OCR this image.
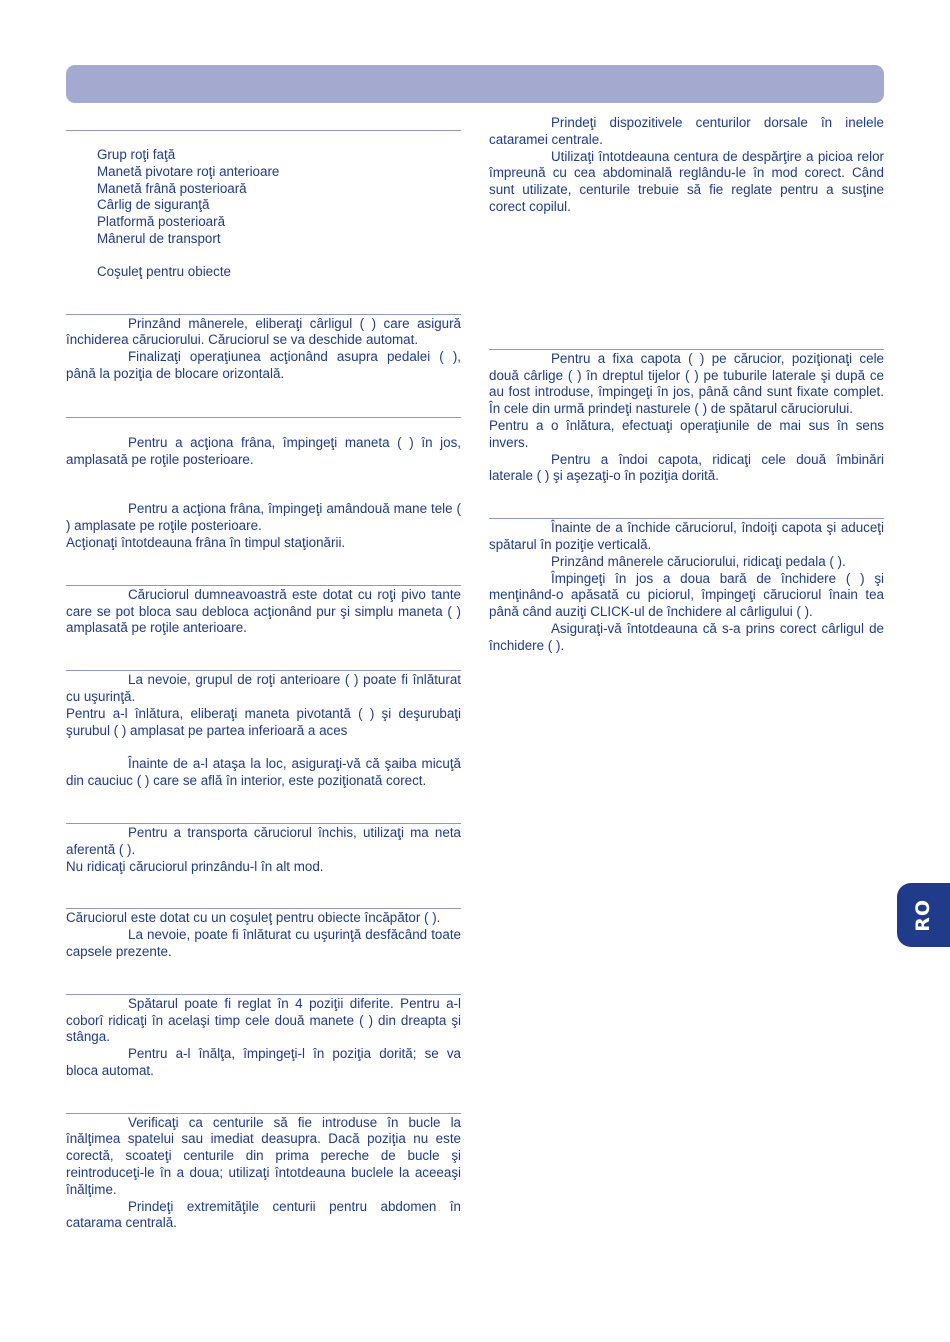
Grup roţi faţă
Manetă pivotare roţi anterioare
Manetă frână posterioară
Cârlig de siguranţă
Platformă posterioară
Mânerul de transport
Coşuleţ pentru obiecte

Prinzând mânerele, eliberaţi cârligul ( ) care asigură închiderea căruciorului. Căruciorul se va deschide automat.

Finalizaţi operaţiunea acţionând asupra pedalei ( ), până la poziţia de blocare orizontală.

Pentru a acţiona frâna, împingeţi maneta ( ) în jos, amplasată pe roţile posterioare.

Pentru a acţiona frâna, împingeţi amândouă mane tele ( ) amplasate pe roţile posterioare.

Acţionaţi întotdeauna frâna în timpul staţionării.

Căruciorul dumneavoastră este dotat cu roţi pivo tante care se pot bloca sau debloca acţionând pur şi simplu maneta ( ) amplasată pe roţile anterioare.

La nevoie, grupul de roţi anterioare ( ) poate fi înlăturat cu uşurinţă.

Pentru a-l înlătura, eliberaţi maneta pivotantă ( ) şi deşurubaţi şurubul ( ) amplasat pe partea inferioară a aces

Înainte de a-l ataşa la loc, asiguraţi-vă că şaiba micuţă din cauciuc ( ) care se află în interior, este poziţionată corect.

Pentru a transporta căruciorul închis, utilizaţi ma neta aferentă ( ).

Nu ridicaţi căruciorul prinzându-l în alt mod.

Căruciorul este dotat cu un coşuleţ pentru obiecte încăpător ( ).

La nevoie, poate fi înlăturat cu uşurinţă desfăcând toate capsele prezente.

Spătarul poate fi reglat în 4 poziţii diferite. Pentru a-l coborî ridicaţi în acelaşi timp cele două manete ( ) din dreapta şi stânga.

Pentru a-l înălţa, împingeţi-l în poziţia dorită; se va bloca automat.

Verificaţi ca centurile să fie introduse în bucle la înălţimea spatelui sau imediat deasupra. Dacă poziţia nu este corectă, scoateţi centurile din prima pereche de bucle şi reintroduceţi-le în a doua; utilizaţi întotdeauna buclele la aceeaşi înălţime.

Prindeţi extremităţile centurii pentru abdomen în catarama centrală.

Prindeţi dispozitivele centurilor dorsale în inelele cataramei centrale.

Utilizaţi întotdeauna centura de despărţire a picioa relor împreună cu cea abdominală reglându-le în mod corect. Când sunt utilizate, centurile trebuie să fie reglate pentru a susţine corect copilul.

Pentru a fixa capota ( ) pe cărucior, poziţionaţi cele două cârlige ( ) în dreptul tijelor ( ) pe tuburile laterale şi după ce au fost introduse, împingeţi în jos, până când sunt fixate complet. În cele din urmă prindeţi nasturele ( ) de spătarul căruciorului.

Pentru a o înlătura, efectuaţi operaţiunile de mai sus în sens invers.

Pentru a îndoi capota, ridicaţi cele două îmbinări laterale ( ) şi aşezaţi-o în poziţia dorită.

Înainte de a închide căruciorul, îndoiţi capota şi aduceţi spătarul în poziţie verticală.

Prinzând mânerele căruciorului, ridicaţi pedala ( ).

Împingeţi în jos a doua bară de închidere ( ) şi menţinând-o apăsată cu piciorul, împingeţi căruciorul înain tea până când auziţi CLICK-ul de închidere al cârligului ( ).

Asiguraţi-vă întotdeauna că s-a prins corect cârligul de închidere ( ).

RO
